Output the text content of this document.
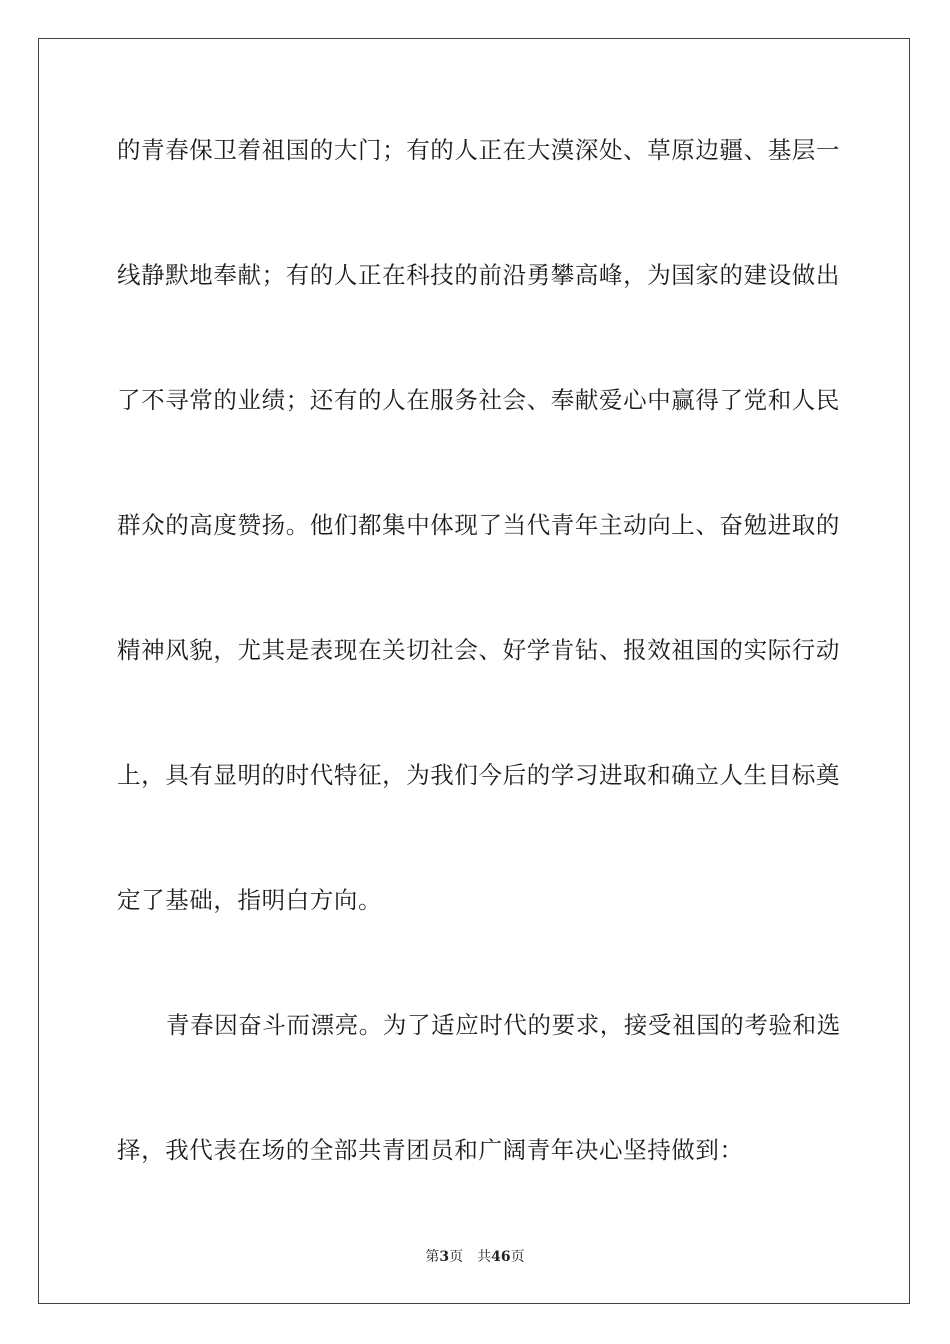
的青春保卫着祖国的大门；有的人正在大漠深处、草原边疆、基层一
线静默地奉献；有的人正在科技的前沿勇攀高峰，为国家的建设做出
了不寻常的业绩；还有的人在服务社会、奉献爱心中赢得了党和人民
群众的高度赞扬。他们都集中体现了当代青年主动向上、奋勉进取的
精神风貌，尤其是表现在关切社会、好学肯钻、报效祖国的实际行动
上，具有显明的时代特征，为我们今后的学习进取和确立人生目标奠
定了基础，指明白方向。
青春因奋斗而漂亮。为了适应时代的要求，接受祖国的考验和选
择，我代表在场的全部共青团员和广阔青年决心坚持做到：
第3页 共46页
